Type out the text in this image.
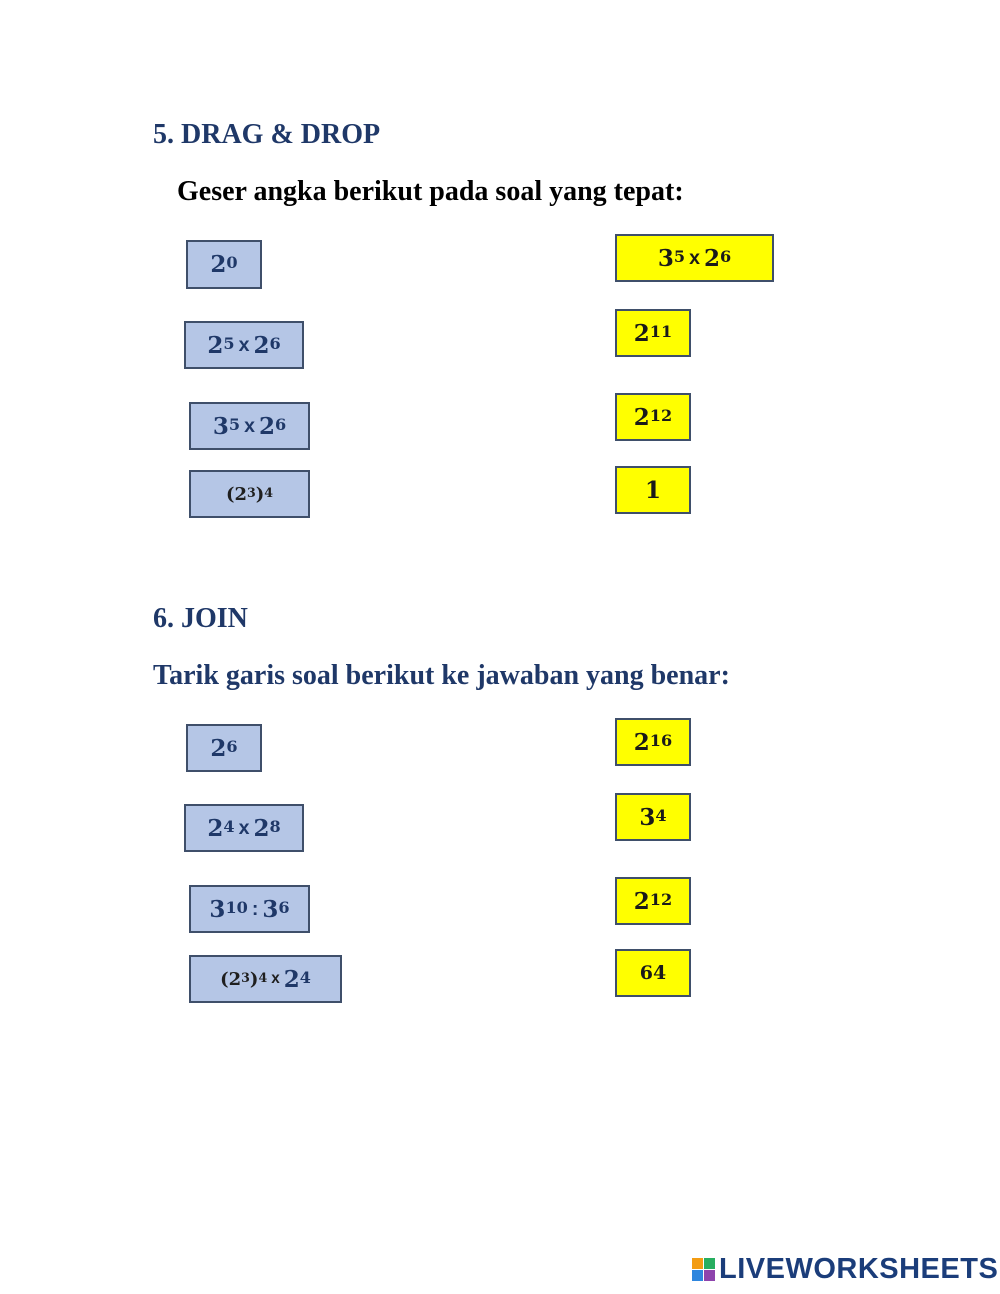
5. DRAG & DROP
Geser angka berikut pada soal yang tepat:
$2^0$
$2^5$ x $2^6$
$3^5$ x $2^6$
( $2^3$ )$^4$
$3^5$ x $2^6$
$2^{11}$
$2^{12}$
1
6. JOIN
Tarik garis soal berikut ke jawaban yang benar:
$2^6$
$2^4$ x $2^8$
$3^{10}$ : $3^6$
( $2^3$ )$^4$ x $2^4$
$2^{16}$
$3^4$
$2^{12}$
64
LIVEWORKSHEETS
